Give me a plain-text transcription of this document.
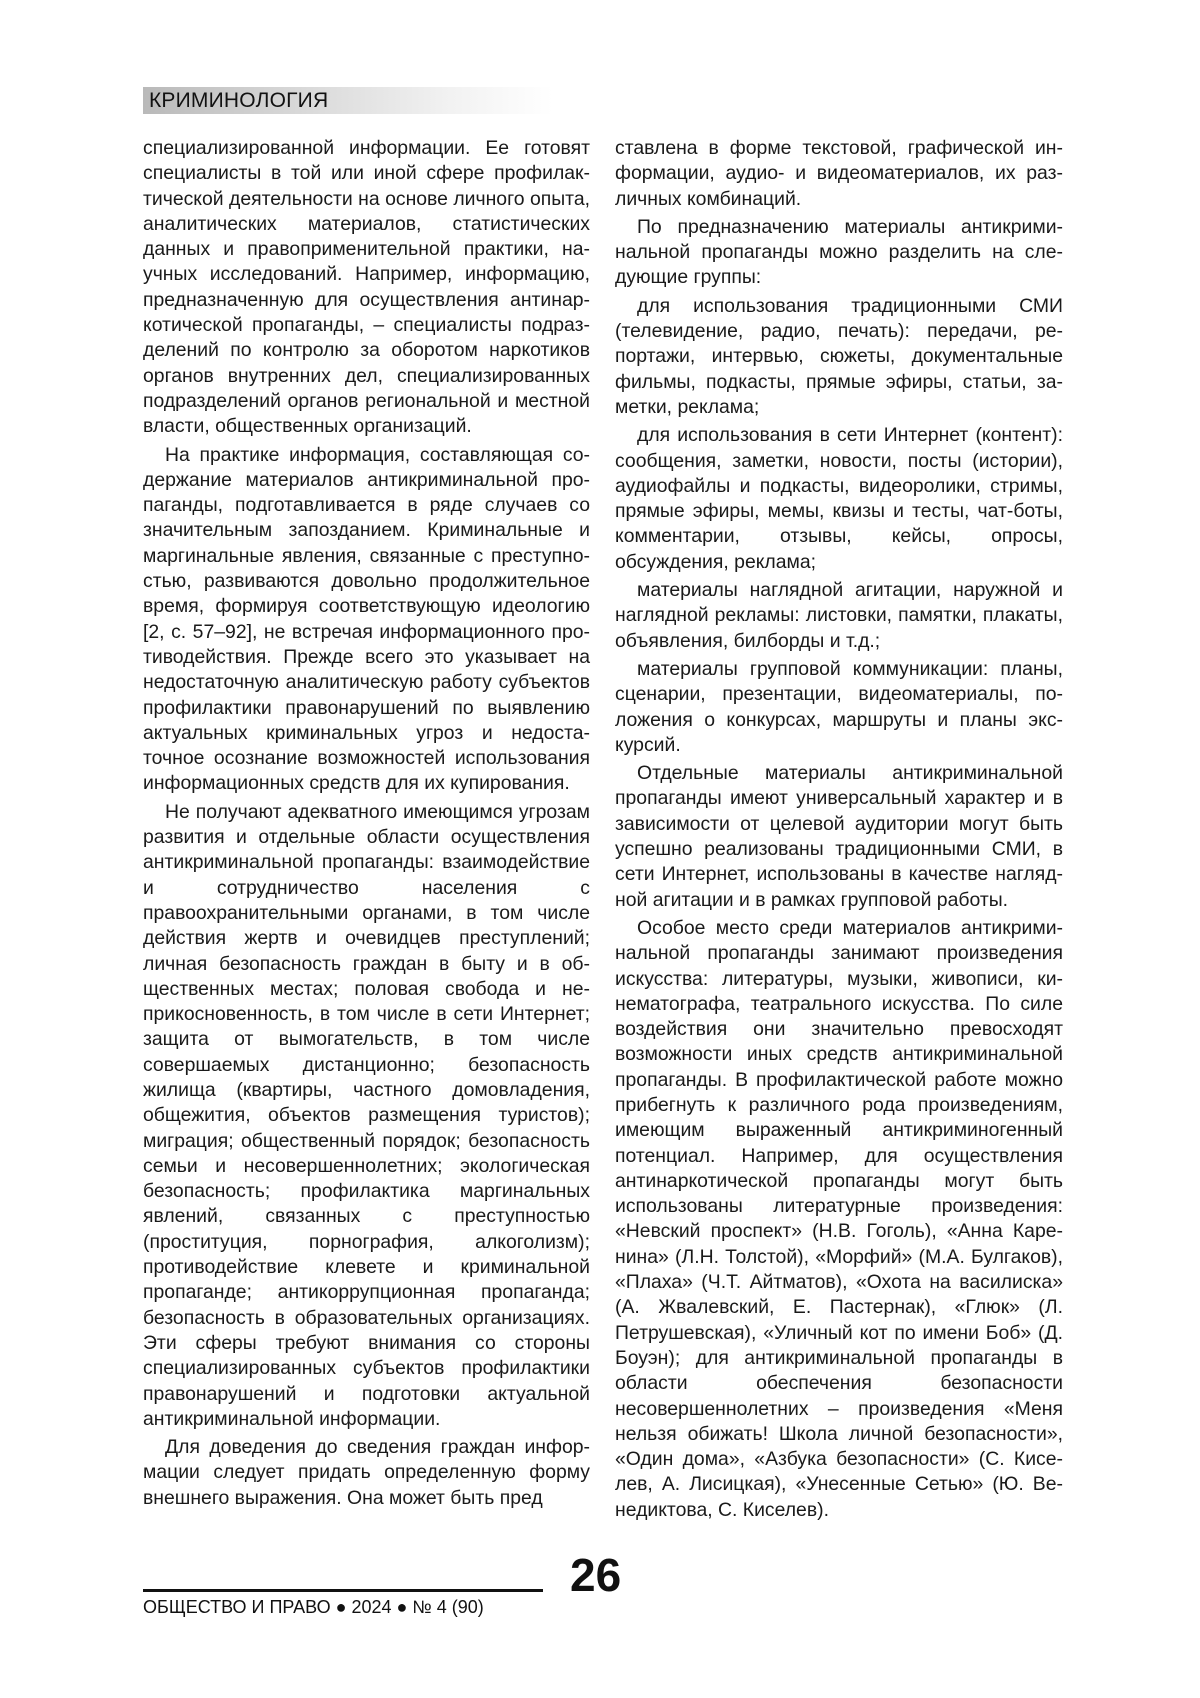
КРИМИНОЛОГИЯ

специализированной информации. Ее готовят специалисты в той или иной сфере профилактической деятельности на основе личного опыта, аналитических материалов, статистических данных и правоприменительной практики, научных исследований. Например, информацию, предназначенную для осуществления антинаркотической пропаганды, – специалисты подразделений по контролю за оборотом наркотиков органов внутренних дел, специализированных подразделений органов региональной и местной власти, общественных организаций.

На практике информация, составляющая содержание материалов антикриминальной пропаганды, подготавливается в ряде случаев со значительным запозданием. Криминальные и маргинальные явления, связанные с преступностью, развиваются довольно продолжительное время, формируя соответствующую идеологию [2, с. 57–92], не встречая информационного противодействия. Прежде всего это указывает на недостаточную аналитическую работу субъектов профилактики правонарушений по выявлению актуальных криминальных угроз и недостаточное осознание возможностей использования информационных средств для их купирования.

Не получают адекватного имеющимся угрозам развития и отдельные области осуществления антикриминальной пропаганды: взаимодействие и сотрудничество населения с правоохранительными органами, в том числе действия жертв и очевидцев преступлений; личная безопасность граждан в быту и в общественных местах; половая свобода и неприкосновенность, в том числе в сети Интернет; защита от вымогательств, в том числе совершаемых дистанционно; безопасность жилища (квартиры, частного домовладения, общежития, объектов размещения туристов); миграция; общественный порядок; безопасность семьи и несовершеннолетних; экологическая безопасность; профилактика маргинальных явлений, связанных с преступностью (проституция, порнография, алкоголизм); противодействие клевете и криминальной пропаганде; антикоррупционная пропаганда; безопасность в образовательных организациях. Эти сферы требуют внимания со стороны специализированных субъектов профилактики правонарушений и подготовки актуальной антикриминальной информации.

Для доведения до сведения граждан информации следует придать определенную форму внешнего выражения. Она может быть пред

ставлена в форме текстовой, графической информации, аудио- и видеоматериалов, их различных комбинаций.

По предназначению материалы антикриминальной пропаганды можно разделить на следующие группы:

для использования традиционными СМИ (телевидение, радио, печать): передачи, репортажи, интервью, сюжеты, документальные фильмы, подкасты, прямые эфиры, статьи, заметки, реклама;

для использования в сети Интернет (контент): сообщения, заметки, новости, посты (истории), аудиофайлы и подкасты, видеоролики, стримы, прямые эфиры, мемы, квизы и тесты, чат-боты, комментарии, отзывы, кейсы, опросы, обсуждения, реклама;

материалы наглядной агитации, наружной и наглядной рекламы: листовки, памятки, плакаты, объявления, билборды и т.д.;

материалы групповой коммуникации: планы, сценарии, презентации, видеоматериалы, положения о конкурсах, маршруты и планы экскурсий.

Отдельные материалы антикриминальной пропаганды имеют универсальный характер и в зависимости от целевой аудитории могут быть успешно реализованы традиционными СМИ, в сети Интернет, использованы в качестве наглядной агитации и в рамках групповой работы.

Особое место среди материалов антикриминальной пропаганды занимают произведения искусства: литературы, музыки, живописи, кинематографа, театрального искусства. По силе воздействия они значительно превосходят возможности иных средств антикриминальной пропаганды. В профилактической работе можно прибегнуть к различного рода произведениям, имеющим выраженный антикриминогенный потенциал. Например, для осуществления антинаркотической пропаганды могут быть использованы литературные произведения: «Невский проспект» (Н.В. Гоголь), «Анна Каренина» (Л.Н. Толстой), «Морфий» (М.А. Булгаков), «Плаха» (Ч.Т. Айтматов), «Охота на василиска» (А. Жвалевский, Е. Пастернак), «Глюк» (Л. Петрушевская), «Уличный кот по имени Боб» (Д. Боуэн); для антикриминальной пропаганды в области обеспечения безопасности несовершеннолетних – произведения «Меня нельзя обижать! Школа личной безопасности», «Один дома», «Азбука безопасности» (С. Киселев, А. Лисицкая), «Унесенные Сетью» (Ю. Венедиктова, С. Киселев).

ОБЩЕСТВО И ПРАВО ● 2024 ● № 4 (90)
26
